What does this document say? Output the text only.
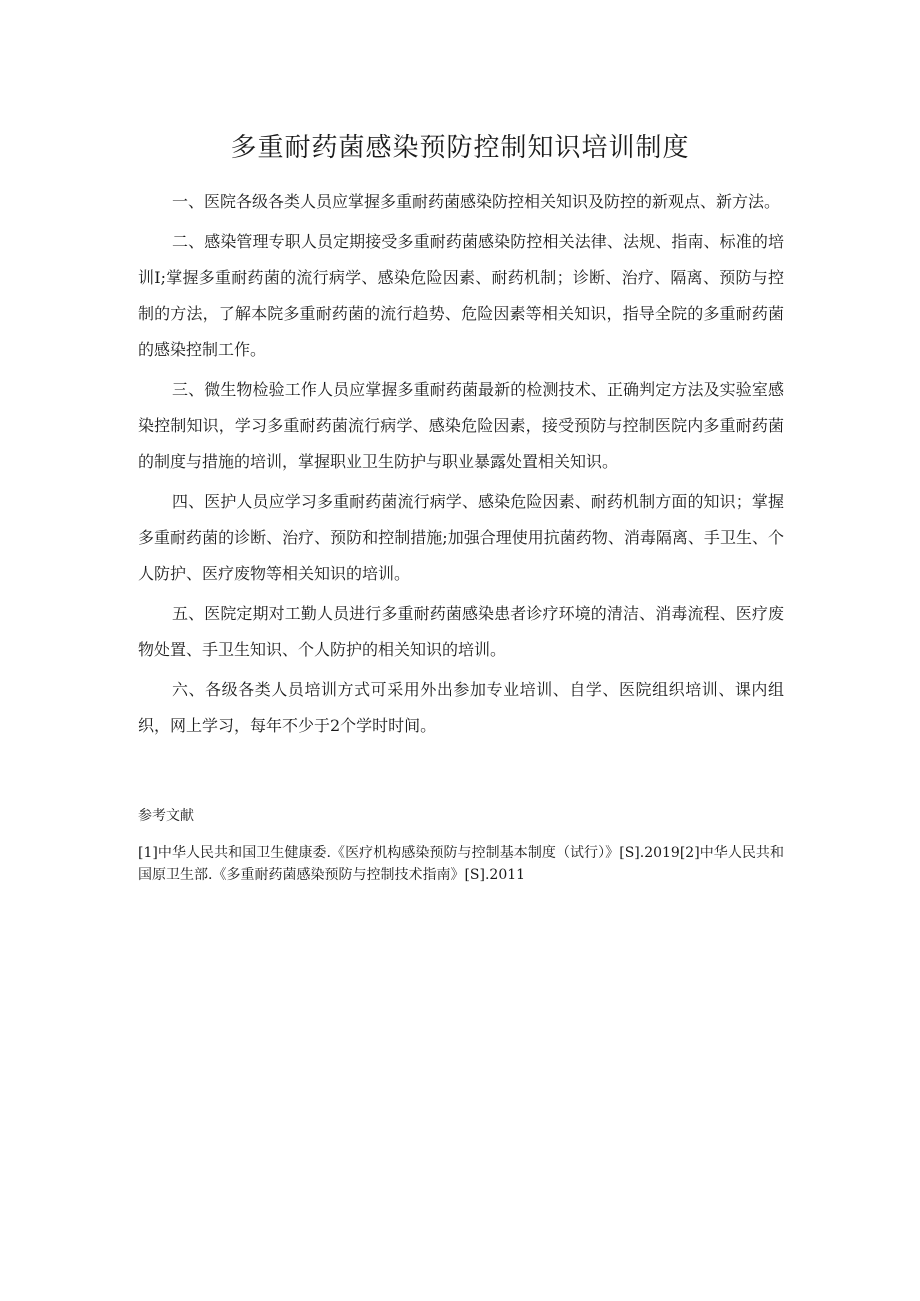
多重耐药菌感染预防控制知识培训制度

一、医院各级各类人员应掌握多重耐药菌感染防控相关知识及防控的新观点、新方法。

二、感染管理专职人员定期接受多重耐药菌感染防控相关法律、法规、指南、标准的培训I;掌握多重耐药菌的流行病学、感染危险因素、耐药机制；诊断、治疗、隔离、预防与控制的方法，了解本院多重耐药菌的流行趋势、危险因素等相关知识，指导全院的多重耐药菌的感染控制工作。

三、微生物检验工作人员应掌握多重耐药菌最新的检测技术、正确判定方法及实验室感染控制知识，学习多重耐药菌流行病学、感染危险因素，接受预防与控制医院内多重耐药菌的制度与措施的培训，掌握职业卫生防护与职业暴露处置相关知识。

四、医护人员应学习多重耐药菌流行病学、感染危险因素、耐药机制方面的知识；掌握多重耐药菌的诊断、治疗、预防和控制措施;加强合理使用抗菌药物、消毒隔离、手卫生、个人防护、医疗废物等相关知识的培训。

五、医院定期对工勤人员进行多重耐药菌感染患者诊疗环境的清洁、消毒流程、医疗废物处置、手卫生知识、个人防护的相关知识的培训。

六、各级各类人员培训方式可采用外出参加专业培训、自学、医院组织培训、课内组织，网上学习，每年不少于2个学时时间。

参考文献

[1]中华人民共和国卫生健康委.《医疗机构感染预防与控制基本制度（试行）》[S].2019[2]中华人民共和国原卫生部.《多重耐药菌感染预防与控制技术指南》[S].2011
